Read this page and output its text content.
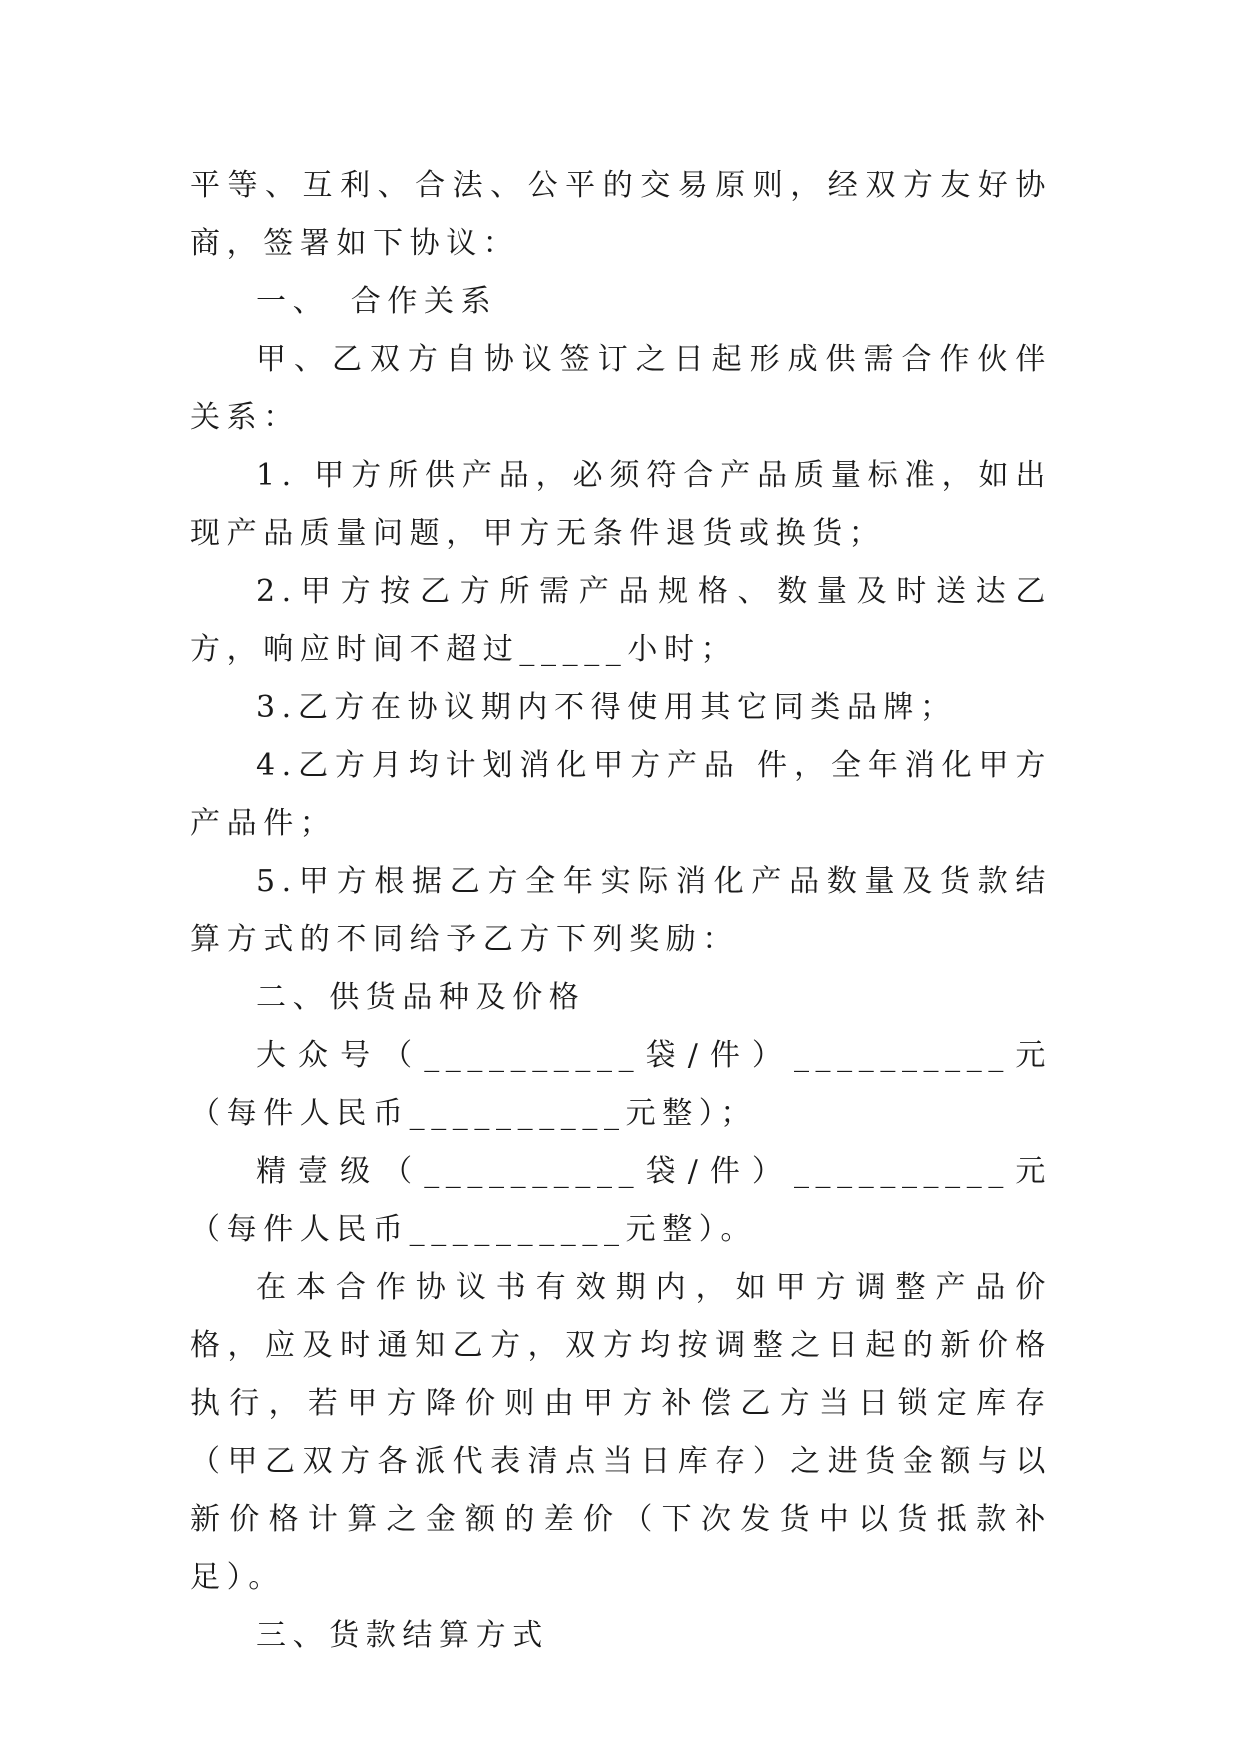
平等、互利、合法、公平的交易原则，经双方友好协商，签署如下协议：

一、　合作关系

甲、乙双方自协议签订之日起形成供需合作伙伴关系：

1. 甲方所供产品，必须符合产品质量标准，如出现产品质量问题，甲方无条件退货或换货；

2.甲方按乙方所需产品规格、数量及时送达乙方，响应时间不超过_____小时；

3.乙方在协议期内不得使用其它同类品牌；

4.乙方月均计划消化甲方产品 件，全年消化甲方产品件；

5.甲方根据乙方全年实际消化产品数量及货款结算方式的不同给予乙方下列奖励：

二、供货品种及价格

大众号（__________袋/件）__________元（每件人民币__________元整）；

精壹级（__________袋/件）__________元（每件人民币__________元整）。

在本合作协议书有效期内，如甲方调整产品价格，应及时通知乙方，双方均按调整之日起的新价格执行，若甲方降价则由甲方补偿乙方当日锁定库存（甲乙双方各派代表清点当日库存）之进货金额与以新价格计算之金额的差价（下次发货中以货抵款补足）。

三、货款结算方式
